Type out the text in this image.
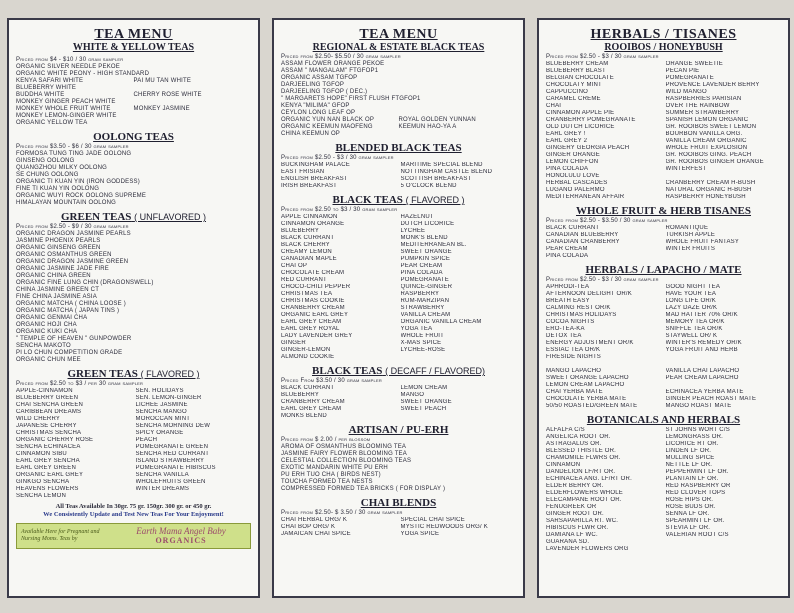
TEA MENU
WHITE & YELLOW TEAS
Priced from $4 - $10 / 30 gram sampler
ORGANIC SILVER NEEDLE PEKOE
ORGANIC WHITE PEONY - HIGH STANDARD
KENYA SAFARI WHITE	PAI MU TAN WHITE
BLUEBERRY WHITE
BUDDHA WHITE	CHERRY ROSE WHITE
MONKEY GINGER PEACH WHITE
MONKEY WHOLE FRUIT WHITE	MONKEY JASMINE
MONKEY LEMON-GINGER WHITE
ORGANIC YELLOW TEA
OOLONG TEAS
Priced from $3.50 - $6 / 30 gram sampler
FORMOSA TUNG TING JADE OOLONG
GINSENG OOLONG
QUANGZHOU MILKY OOLONG
SE CHUNG OOLONG
ORGANIC TI KUAN YIN (IRON GODDESS)
FINE TI KUAN YIN OOLONG
ORGANIC WUYI ROCK OOLONG SUPREME
HIMALAYAN MOUNTAIN OOLONG
GREEN TEAS ( UNFLAVORED )
Priced from $2.50 - $9 / 30 gram sampler
ORGANIC DRAGON JASMINE PEARLS
JASMINE PHOENIX PEARLS
ORGANIC GINSENG GREEN
ORGANIC OSMANTHUS GREEN
ORGANIC DRAGON JASMINE GREEN
ORGANIC JASMINE JADE FIRE
ORGANIC CHINA GREEN
ORGANIC FINE LUNG CHIN (DRAGONSWELL)
CHINA JASMINE GREEN CT
FINE CHINA JASMINE ASIA
ORGANIC MATCHA ( CHINA LOOSE )
ORGANIC MATCHA ( JAPAN TINS )
ORGANIC GENMAI CHA
ORGANIC HOJI CHA
ORGANIC KUKI CHA
" TEMPLE OF HEAVEN " GUNPOWDER
SENCHA MAKOTO
PI LO CHUN COMPETITION GRADE
ORGANIC CHUN MEE
GREEN TEAS ( FLAVORED )
Priced from $2.50 to $3 / per 30 gram sampler
APPLE-CINNAMON
BLUEBERRY GREEN
CHAI SENCHA GREEN
CARIBBEAN DREAMS
WILD CHERRY
JAPANESE CHERRY
CHRISTMAS SENCHA
ORGANIC CHERRY ROSE
SENCHA ECHINACEA
CINNAMON SIBU
EARL GREY SENCHA
EARL GREY GREEN
ORGANIC EARL GREY
GINKGO SENCHA
HEAVENS FLOWERS
SENCHA LEMON
SEN. HOLIDAYS
SEN. LEMON-GINGER
LICHEE JASMINE
SENCHA MANGO
MOROCCAN MINT
SENCHA MORNING DEW
SPICY ORANGE
PEACH
POMEGRANATE GREEN
SENCHA RED CURRANT
ISLAND STRAWBERRY
POMEGRANATE HIBISCUS
SENCHA VANILLA
WHOLEFRUITS GREEN
WINTER DREAMS

All Teas Available In 30gr. 75 gr. 150gr. 300 gr. or 450 gr.
We Consistently Update and Test New Teas For Your Enjoyment!
Available Here for Pregnant and Nursing Moms. Teas by
Earth Mama Angel Baby
ORGANICS
TEA MENU
REGIONAL & ESTATE BLACK TEAS
Priced from $2.50- $5.50 / 30 gram sampler
ASSAM FLOWER ORANGE PEKOE
ASSAM " MANGALAM" FTGFOP1
ORGANIC ASSAM TGFOP
DARJEELING TGFOP
DARJEELING TGFOP ( DEC.)
" MARGARETS HOPE" FIRST FLUSH FTGFOP1
KENYA "MILIMA" GFOP
CEYLON LONG LEAF OP
ORGANIC YUN NAN BLACK OP	ROYAL GOLDEN YUNNAN
ORGANIC KEEMUN MAOFENG	KEEMUN HAO-YA A
CHINA KEEMUN OP
BLENDED BLACK TEAS
Priced from $2.50 - $3 / 30 gram sampler
BUCKINGHAM PALACE
EAST FRISIAN
ENGLISH BREAKFAST
IRISH BREAKFAST
MARITIME SPECIAL BLEND
NOTTINGHAM CASTLE BLEND
SCOTTISH BREAKFAST
5 O'CLOCK BLEND
BLACK TEAS ( FLAVORED )
Priced from $2.50 to $3 / 30 gram sampler
APPLE CINNAMON
CINNAMON ORANGE
BLUEBERRY
BLACK CURRANT
BLACK CHERRY
CREAMY LEMON
CANADIAN MAPLE
CHAI OP
CHOCOLATE CREAM
RED CURRANT
CHOCO-CHILI PEPPER
CHRISTMAS TEA
CHRISTMAS COOKIE
CRANBERRY CREAM
ORGANIC EARL GREY
EARL GREY CREAM
EARL GREY ROYAL
LADY LAVENDER GREY
GINGER
GINGER-LEMON
ALMOND COOKIE
HAZELNUT
DUTCH LICORICE
LYCHEE
MONK'S BLEND
MEDITERRANEAN BL.
SWEET ORANGE
PUMPKIN SPICE
PEAR CREAM
PINA COLADA
POMEGRANATE
QUINCE-GINGER
RASPBERRY
RUM-MARZIPAN
STRAWBERRY
VANILLA CREAM
ORGANIC VANILLA CREAM
YOGA TEA
WHOLE FRUIT
X-MAS SPICE
LYCHEE-ROSE

BLACK TEAS ( DECAFF / FLAVORED)
Priced From $3.50 / 30 gram sampler
BLACK CURRANT
BLUEBERRY
CRANBERRY CREAM
EARL GREY CREAM
MONKS BLEND
LEMON CREAM
MANGO
SWEET ORANGE
SWEET PEACH

ARTISAN / PU-ERH
Priced from $ 2.00 / per blossom
AROMA OF OSMANTHUS BLOOMING TEA
JASMINE FAIRY FLOWER BLOOMING TEA
CELESTIAL COLLECTION BLOOMING TEAS
EXOTIC MANDARIN WHITE PU ERH
PU ERH TUO CHA ( BIRDS NEST)
TOUCHA FORMED TEA NESTS
COMPRESSED FORMED TEA BRICKS ( FOR DISPLAY )
CHAI BLENDS
Priced from $2.50- $ 3.50 / 30 gram sampler
CHAI HERBAL ORG/ K
CHAI BOP ORG/ K
JAMAICAN CHAI SPICE
SPECIAL CHAI SPICE
MYSTIC REDWOODS ORG/ K
YOGA SPICE
HERBALS / TISANES
ROOIBOS / HONEYBUSH
Priced from $2.50 - $3 / 30 gram sampler
BLUEBERRY CREAM
BLUEBERRY BLAST
BELGIAN CHOCOLATE
CHOCOLATY MINT
CAPPUCCINO
CARAMEL CREME
CHAI
CINNAMON APPLE PIE
CRANBERRY POMEGRANATE
OLD DUTCH LICORICE
EARL GREY !
EARL GREY 2
GINGERY GEORGIA PEACH
GINGER ORANGE
LEMON CHIFFON
PINA COLADA
HONOLULU LOVE
HERBAL CASCADES
LUGANO PALERMO
MEDITERRANEAN AFFAIR
ORANGE SWEETIE
PECAN PIE
POMEGRANATE
PROVENCE LAVENDER BERRY
WILD MANGO
RASPBERRIES PARISIAN
OVER THE RAINBOW
SUMMER STRAWBERRY
SPANISH LEMON ORGANIC
GR. ROOIBOS SWEET LEMON
BOURBON VANILLA ORG.
VANILLA CREAM ORGANIC
WHOLE FRUIT EXPLOSION
GR. ROOIBOS GING. PEACH
GR. ROOIBOS GINGER ORANGE
WINTERFEST

CRANBERRY CREAM H-BUSH
NATURAL ORGANIC H-BUSH
RASPBERRY HONEYBUSH
WHOLE FRUIT & HERB TISANES
Priced from $2.50 - $3.50 / 30 gram sampler
BLACK CURRANT
CANADIAN BLUEBERRY
CANADIAN CRANBERRY
PEAR CREAM
PINA COLADA
ROMANTIQUE
TURKISH APPLE
WHOLE FRUIT FANTASY
WINTER FRUITS

HERBALS / LAPACHO / MATE
Priced from $2.50 - $3 / 30 gram sampler
APHRODI-TEA
AFTERNOON DELIGHT OR/K
BREATH EASY
CALMING REST OR/K
CHRISTMAS HOLIDAYS
COCOA NIGHTS
ERO-TEA-KA
DETOX TEA
ENERGY ADJUSTMENT OR/K
ESSIAC TEA OR/K
FIRESIDE NIGHTS

MANGO LAPACHO
SWEET ORANGE LAPACHO
LEMON CREAM LAPACHO
CHAI YERBA MATE
CHOCOLATE YERBA MATE
50/50 ROASTED/GREEN MATE
GOOD NIGHT TEA
HAVE YOUR TEA
LONG LIFE OR/K
LAZY DAZE OR/K
MAD HATTER 70% OR/K
MEMORY TEA OR/K
SNIFFLE TEA OR/K
STAYWELL OR/ K
WINTER'S REMEDY OR/K
YOGA FRUIT AND HERB

VANILLA CHAI LAPACHO
PEAR CREAM LAPACHO

ECHINACEA YERBA MATE
GINGER PEACH ROAST MATE
MANGO ROAST MATE
BOTANICALS AND HERBALS
ALFALFA C/S
ANGELICA ROOT OR.
ASTRAGALUS OR.
BLESSED THISTLE OR.
CHAMOMILE FLWRS OR.
CINNAMON
DANDELION LF/RT OR.
ECHINACEA ANG. LF/RT OR.
ELDER BERRY OR.
ELDERFLOWERS WHOLE
ELECAMPANE ROOT OR.
FENUGREEK OR
GINGER ROOT OR.
SARSAPARILLA RT. WC.
HIBISCUS FLWR OR.
DAMIANA LF WC.
GUARANA SD.
LAVENDER FLOWERS ORG
ST JOHNS WORT C/S
LEMONGRASS OR.
LICORICE RT OR.
LINDEN LF OR.
MULLING SPICE
NETTLE LF OR.
PEPPERMINT LF OR.
PLANTAIN LF OR.
RED RASPBERRY OR
RED CLOVER TOPS
ROSE HIPS OR.
ROSE BUDS OR.
SENNA LF OR.
SPEARMINT LF OR.
STEVIA LF OR.
VALERIAN ROOT C/S
